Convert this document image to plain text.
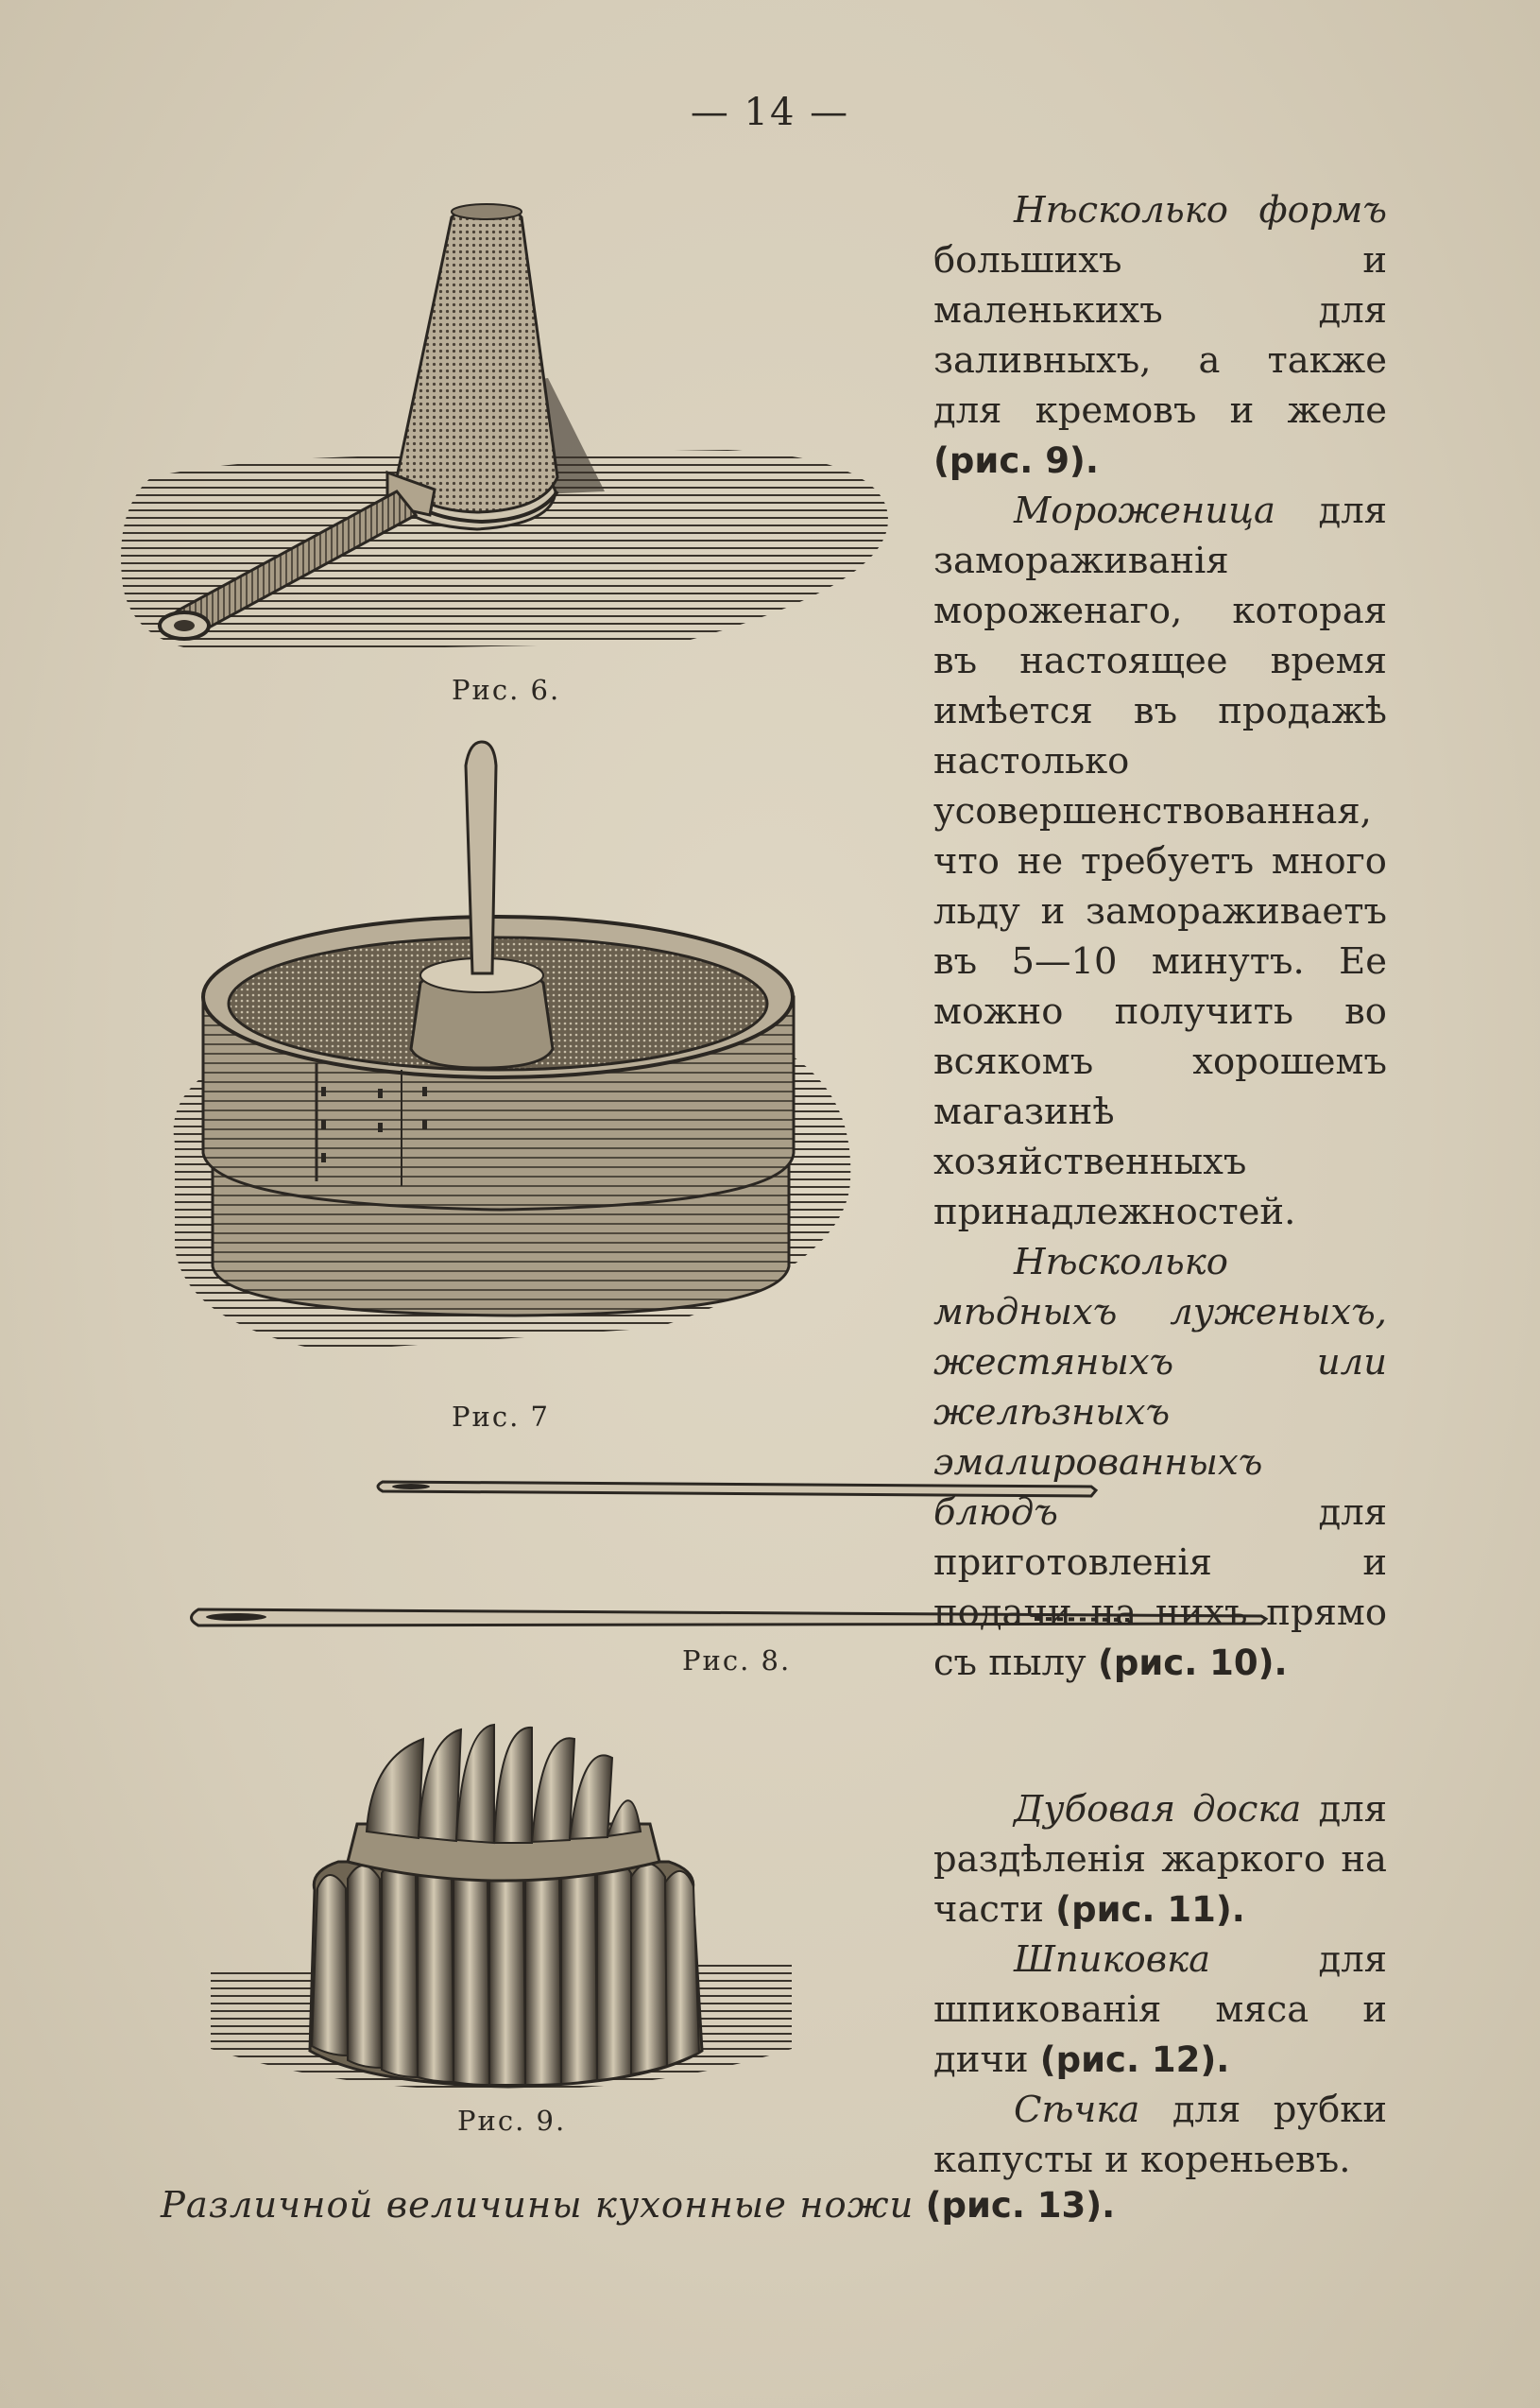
— 14 —
Рис. 6.
Рис. 7
Рис. 8.
Рис. 9.

Нѣсколько формъ большихъ и маленькихъ для заливныхъ, а также для кремовъ и желе (рис. 9).

Мороженица для замораживанія мороженаго, которая въ настоящее время имѣется въ продажѣ настолько усовершенствованная, что не требуетъ много льду и замораживаетъ въ 5—10 минутъ. Ее можно получить во всякомъ хорошемъ магазинѣ хозяйственныхъ принадлежностей.

Нѣсколько мѣдныхъ луженыхъ, жестяныхъ или желѣзныхъ эмалированныхъ блюдъ для приготовленія и подачи на нихъ прямо съ пылу (рис. 10).

Дубовая доска для раздѣленія жаркого на части (рис. 11).

Шпиковка для шпикованія мяса и дичи (рис. 12).

Сѣчка для рубки капусты и кореньевъ.

Различной величины кухонные ножи (рис. 13).
